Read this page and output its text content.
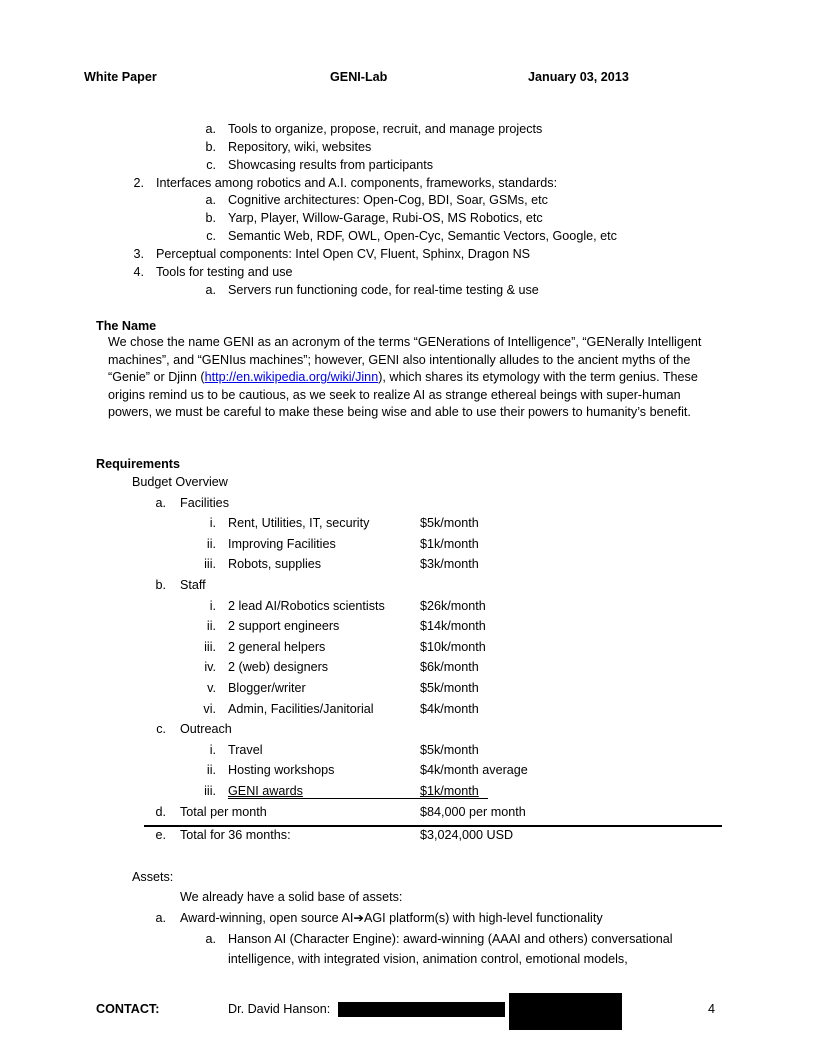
White Paper	GENI-Lab	January 03, 2013
a. Tools to organize, propose, recruit, and manage projects
b. Repository, wiki, websites
c. Showcasing results from participants
2. Interfaces among robotics and A.I. components, frameworks, standards:
a. Cognitive architectures: Open-Cog, BDI, Soar, GSMs, etc
b. Yarp, Player, Willow-Garage, Rubi-OS, MS Robotics, etc
c. Semantic Web, RDF, OWL, Open-Cyc, Semantic Vectors, Google, etc
3. Perceptual components: Intel Open CV, Fluent, Sphinx, Dragon NS
4. Tools for testing and use
a. Servers run functioning code, for real-time testing & use
The Name
We chose the name GENI as an acronym of the terms “GENerations of Intelligence”, “GENerally Intelligent machines”, and “GENIus machines”; however, GENI also intentionally alludes to the ancient myths of the “Genie” or Djinn (http://en.wikipedia.org/wiki/Jinn), which shares its etymology with the term genius. These origins remind us to be cautious, as we seek to realize AI as strange ethereal beings with super-human powers, we must be careful to make these being wise and able to use their powers to humanity’s benefit.
Requirements
Budget Overview
a. Facilities
i. Rent, Utilities, IT, security	$5k/month
ii. Improving Facilities	$1k/month
iii. Robots, supplies	$3k/month
b. Staff
i. 2 lead AI/Robotics scientists	$26k/month
ii. 2 support engineers	$14k/month
iii. 2 general helpers	$10k/month
iv. 2 (web) designers	$6k/month
v. Blogger/writer	$5k/month
vi. Admin, Facilities/Janitorial	$4k/month
c. Outreach
i. Travel	$5k/month
ii. Hosting workshops	$4k/month average
iii. GENI awards	$1k/month
d. Total per month	$84,000 per month
e. Total for 36 months:	$3,024,000 USD
Assets:
We already have a solid base of assets:
a. Award-winning, open source AI➔AGI platform(s) with high-level functionality
a. Hanson AI (Character Engine): award-winning (AAAI and others) conversational
intelligence, with integrated vision, animation control, emotional models,
CONTACT:	Dr. David Hanson:	4
